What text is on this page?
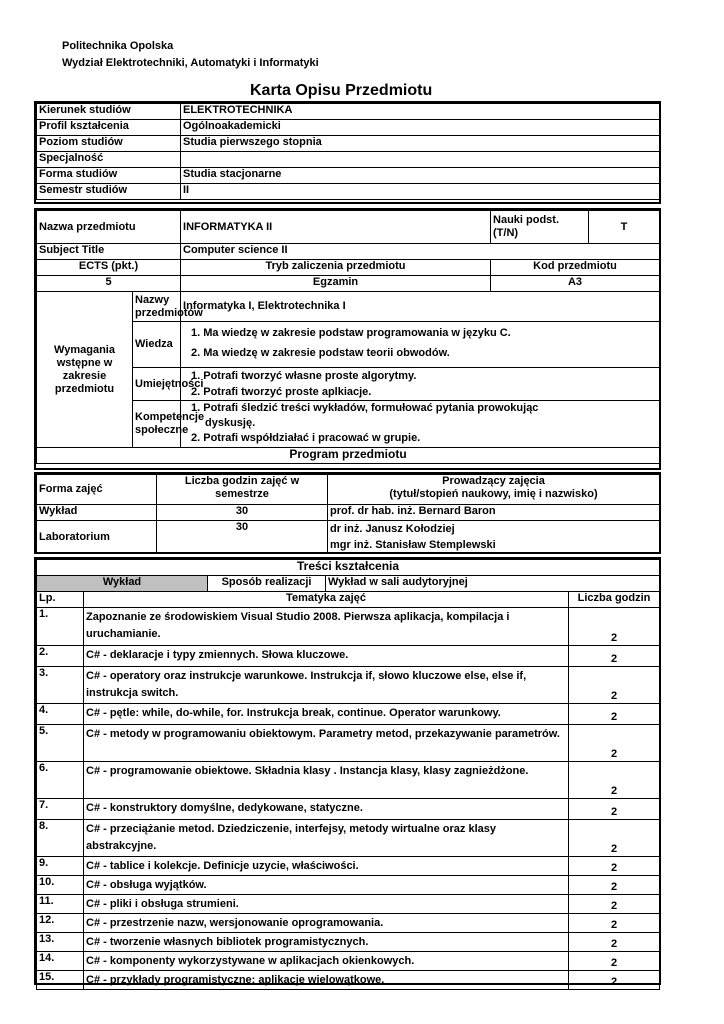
Politechnika Opolska
Wydział Elektrotechniki, Automatyki i Informatyki
Karta Opisu Przedmiotu
Kierunek studiów	ELEKTROTECHNIKA
Profil kształcenia	Ogólnoakademicki
Poziom studiów	Studia pierwszego stopnia
Specjalność	
Forma studiów	Studia stacjonarne
Semestr studiów	II
Nazwa przedmiotu		INFORMATYKA II	Nauki podst. (T/N)	T
Subject Title		Computer science II		
ECTS (pkt.)		Tryb zaliczenia przedmiotu	Kod przedmiotu	
5		Egzamin	A3	
Wymagania wstępne w zakresie przedmiotu	Nazwy przedmiotów	Informatyka I, Elektrotechnika I		
	Wiedza	1. Ma wiedzę w zakresie podstaw programowania w języku C.
2. Ma wiedzę w zakresie podstaw teorii obwodów.		

	Umiejętności	1. Potrafi tworzyć własne proste algorytmy.
2. Potrafi tworzyć proste aplkiacje.		

	Kompetencje społeczne	1. Potrafi śledzić treści wykładów, formułować pytania prowokując
dyskusję.
2. Potrafi współdziałać i pracować w grupie.		

Program przedmiotu				
Forma zajęć	Liczba godzin zajęć w semestrze	Prowadzący zajęcia
(tytuł/stopień naukowy, imię i nazwisko)

Wykład	30	prof. dr hab. inż. Bernard Baron
Laboratorium	30	dr inż. Janusz Kołodziej
mgr inż. Stanisław Stemplewski
Treści kształcenia				
Wykład		Sposób realizacji	Wykład w sali audytoryjnej	
Lp.	Tematyka zajęć			Liczba godzin
1.	Zapoznanie ze środowiskiem Visual Studio 2008. Pierwsza aplikacja, kompilacja i uruchamianie.			2
2.	C# - deklaracje i typy zmiennych. Słowa kluczowe.			2
3.	C# - operatory oraz instrukcje warunkowe. Instrukcja if, słowo kluczowe else, else if, instrukcja switch.			2
4.	C# - pętle: while, do-while, for. Instrukcja break, continue. Operator warunkowy.			2
5.	C# - metody w programowaniu obiektowym. Parametry metod, przekazywanie parametrów.			2
6.	C# - programowanie obiektowe. Składnia klasy . Instancja klasy, klasy zagnieżdżone.			2
7.	C# - konstruktory domyślne, dedykowane, statyczne.			2
8.	C# - przeciążanie metod. Dziedziczenie, interfejsy, metody wirtualne oraz klasy abstrakcyjne.			2
9.	C# - tablice i kolekcje. Definicje uzycie, właściwości.			2
10.	C# - obsługa wyjątków.			2
11.	C# - pliki i obsługa strumieni.			2
12.	C# - przestrzenie nazw, wersjonowanie oprogramowania.			2
13.	C# - tworzenie własnych bibliotek programistycznych.			2
14.	C# - komponenty wykorzystywane w aplikacjach okienkowych.			2
15.	C# - przykłady programistyczne: aplikacje wielowątkowe.			2
